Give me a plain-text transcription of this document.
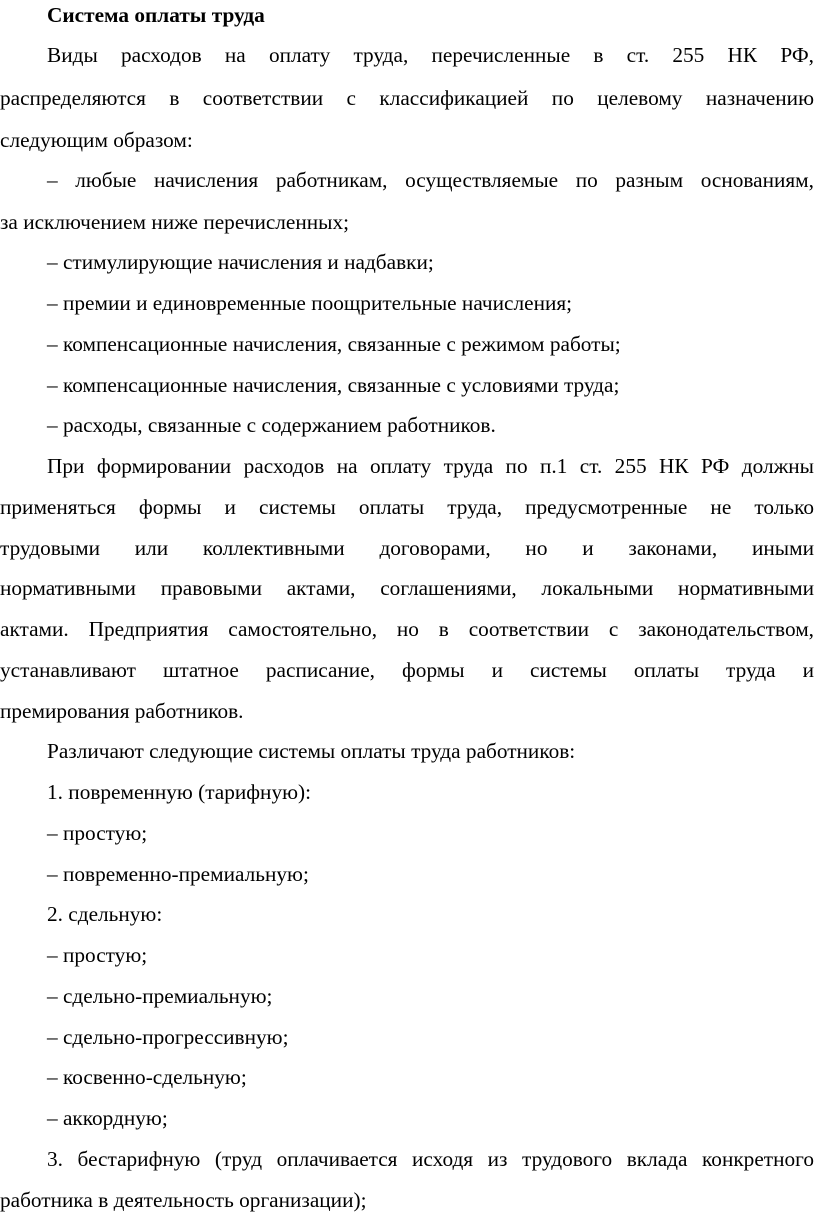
Система оплаты труда
Виды расходов на оплату труда, перечисленные в ст. 255 НК РФ,
распределяются в соответствии с классификацией по целевому назначению
следующим образом:
– любые начисления работникам, осуществляемые по разным основаниям,
за исключением ниже перечисленных;
– стимулирующие начисления и надбавки;
– премии и единовременные поощрительные начисления;
– компенсационные начисления, связанные с режимом работы;
– компенсационные начисления, связанные с условиями труда;
– расходы, связанные с содержанием работников.
При формировании расходов на оплату труда по п.1 ст. 255 НК РФ должны
применяться формы и системы оплаты труда, предусмотренные не только
трудовыми или коллективными договорами, но и законами, иными
нормативными правовыми актами, соглашениями, локальными нормативными
актами. Предприятия самостоятельно, но в соответствии с законодательством,
устанавливают штатное расписание, формы и системы оплаты труда и
премирования работников.
Различают следующие системы оплаты труда работников:
1. повременную (тарифную):
– простую;
– повременно-премиальную;
2. сдельную:
– простую;
– сдельно-премиальную;
– сдельно-прогрессивную;
– косвенно-сдельную;
– аккордную;
3. бестарифную (труд оплачивается исходя из трудового вклада конкретного
работника в деятельность организации);
